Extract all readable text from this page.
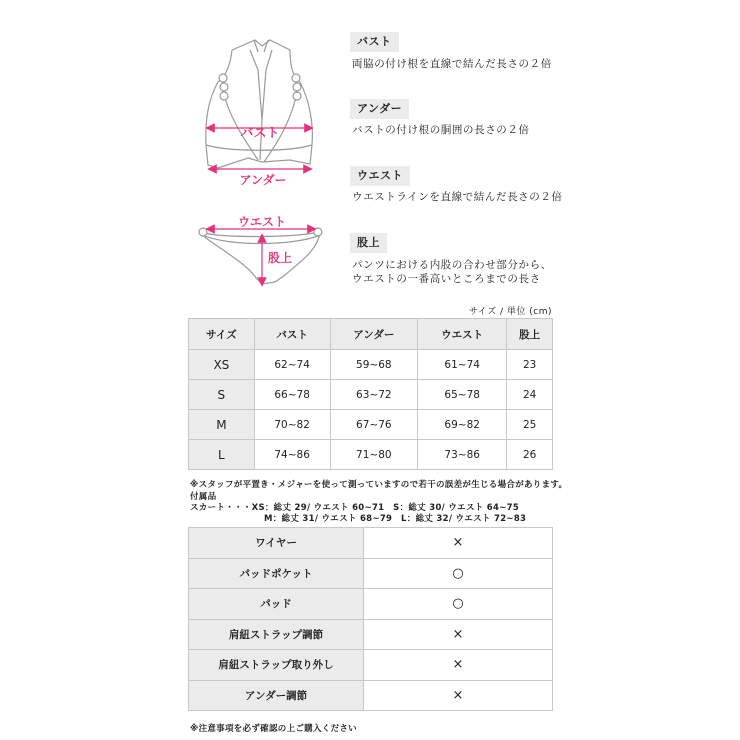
バスト
アンダー
ウエスト
股上
バスト
両脇の付け根を直線で結んだ長さの２倍
アンダー
バストの付け根の胴囲の長さの２倍
ウエスト
ウエストラインを直線で結んだ長さの２倍
股上
パンツにおける内股の合わせ部分から、
ウエストの一番高いところまでの長さ
サイズ / 単位 (cm)
サイズ	バスト	アンダー	ウエスト	股上
XS	62~74	59~68	61~74	23
S	66~78	63~72	65~78	24
M	70~82	67~76	69~82	25
L	74~86	71~80	73~86	26
※スタッフが平置き・メジャーを使って測っていますので若干の誤差が生じる場合があります。
付属品
スカート・・・XS：総丈 29/ ウエスト 60~71　S：総丈 30/ ウエスト 64~75
M：総丈 31/ ウエスト 68~79　L：総丈 32/ ウエスト 72~83
ワイヤー	×
パッドポケット	○
パッド	○
肩紐ストラップ調節	×
肩紐ストラップ取り外し	×
アンダー調節	×
※注意事項を必ず確認の上ご購入ください
